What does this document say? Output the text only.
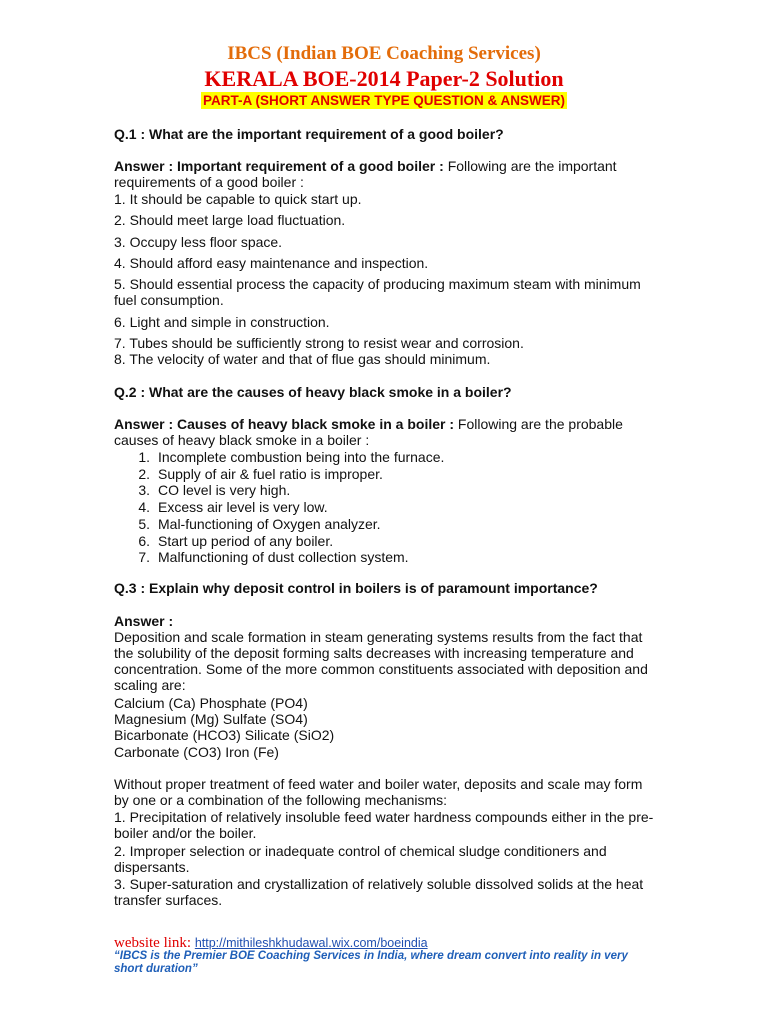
IBCS (Indian BOE Coaching Services)
KERALA BOE-2014 Paper-2 Solution
PART-A (SHORT ANSWER TYPE QUESTION & ANSWER)
Q.1 : What are the important requirement of a good boiler?
Answer : Important requirement of a good boiler : Following are the important requirements of a good boiler :
1. It should be capable to quick start up.
2. Should meet large load fluctuation.
3. Occupy less floor space.
4. Should afford easy maintenance and inspection.
5. Should essential process the capacity of producing maximum steam with minimum fuel consumption.
6. Light and simple in construction.
7. Tubes should be sufficiently strong to resist wear and corrosion.
8. The velocity of water and that of flue gas should minimum.
Q.2 : What are the causes of heavy black smoke in a boiler?
Answer : Causes of heavy black smoke in a boiler : Following are the probable causes of heavy black smoke in a boiler :
1. Incomplete combustion being into the furnace.
2. Supply of air & fuel ratio is improper.
3. CO level is very high.
4. Excess air level is very low.
5. Mal-functioning of Oxygen analyzer.
6. Start up period of any boiler.
7. Malfunctioning of dust collection system.
Q.3 : Explain why deposit control in boilers is of paramount importance?
Answer :
Deposition and scale formation in steam generating systems results from the fact that the solubility of the deposit forming salts decreases with increasing temperature and concentration. Some of the more common constituents associated with deposition and scaling are:
Calcium (Ca) Phosphate (PO4)
Magnesium (Mg) Sulfate (SO4)
Bicarbonate (HCO3) Silicate (SiO2)
Carbonate (CO3) Iron (Fe)
Without proper treatment of feed water and boiler water, deposits and scale may form by one or a combination of the following mechanisms:
1. Precipitation of relatively insoluble feed water hardness compounds either in the pre-boiler and/or the boiler.
2. Improper selection or inadequate control of chemical sludge conditioners and dispersants.
3. Super-saturation and crystallization of relatively soluble dissolved solids at the heat transfer surfaces.
website link: http://mithileshkhudawal.wix.com/boeindia
“IBCS is the Premier BOE Coaching Services in India, where dream convert into reality in very short duration”
